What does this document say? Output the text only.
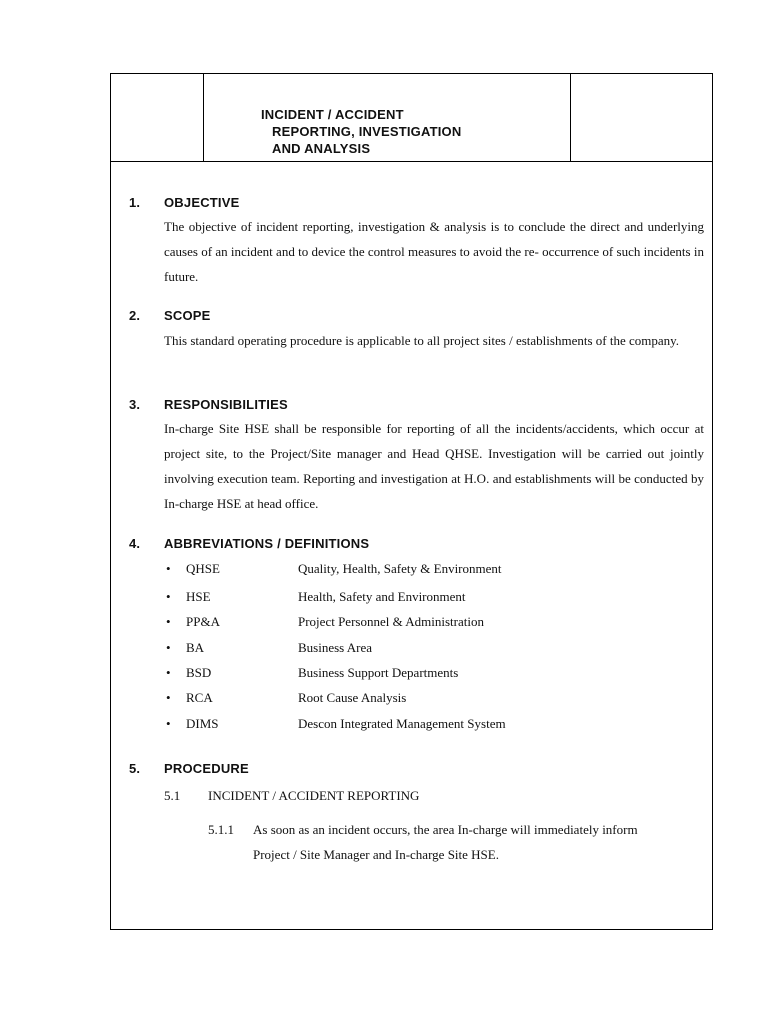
INCIDENT / ACCIDENT
REPORTING, INVESTIGATION
AND ANALYSIS
1. OBJECTIVE
The objective of incident reporting, investigation & analysis is to conclude the direct and underlying causes of an incident and to device the control measures to avoid the re- occurrence of such incidents in future.
2. SCOPE
This standard operating procedure is applicable to all project sites / establishments of the company.
3. RESPONSIBILITIES
In-charge Site HSE shall be responsible for reporting of all the incidents/accidents, which occur at project site, to the Project/Site manager and Head QHSE. Investigation will be carried out jointly involving execution team. Reporting and investigation at H.O. and establishments will be conducted by In-charge HSE at head office.
4. ABBREVIATIONS / DEFINITIONS
• QHSE	Quality, Health, Safety & Environment
• HSE	Health, Safety and Environment
• PP&A	Project Personnel & Administration
• BA	Business Area
• BSD	Business Support Departments
• RCA	Root Cause Analysis
• DIMS	Descon Integrated Management System
5. PROCEDURE
5.1 INCIDENT / ACCIDENT REPORTING
5.1.1 As soon as an incident occurs, the area In-charge will immediately inform Project / Site Manager and In-charge Site HSE.
